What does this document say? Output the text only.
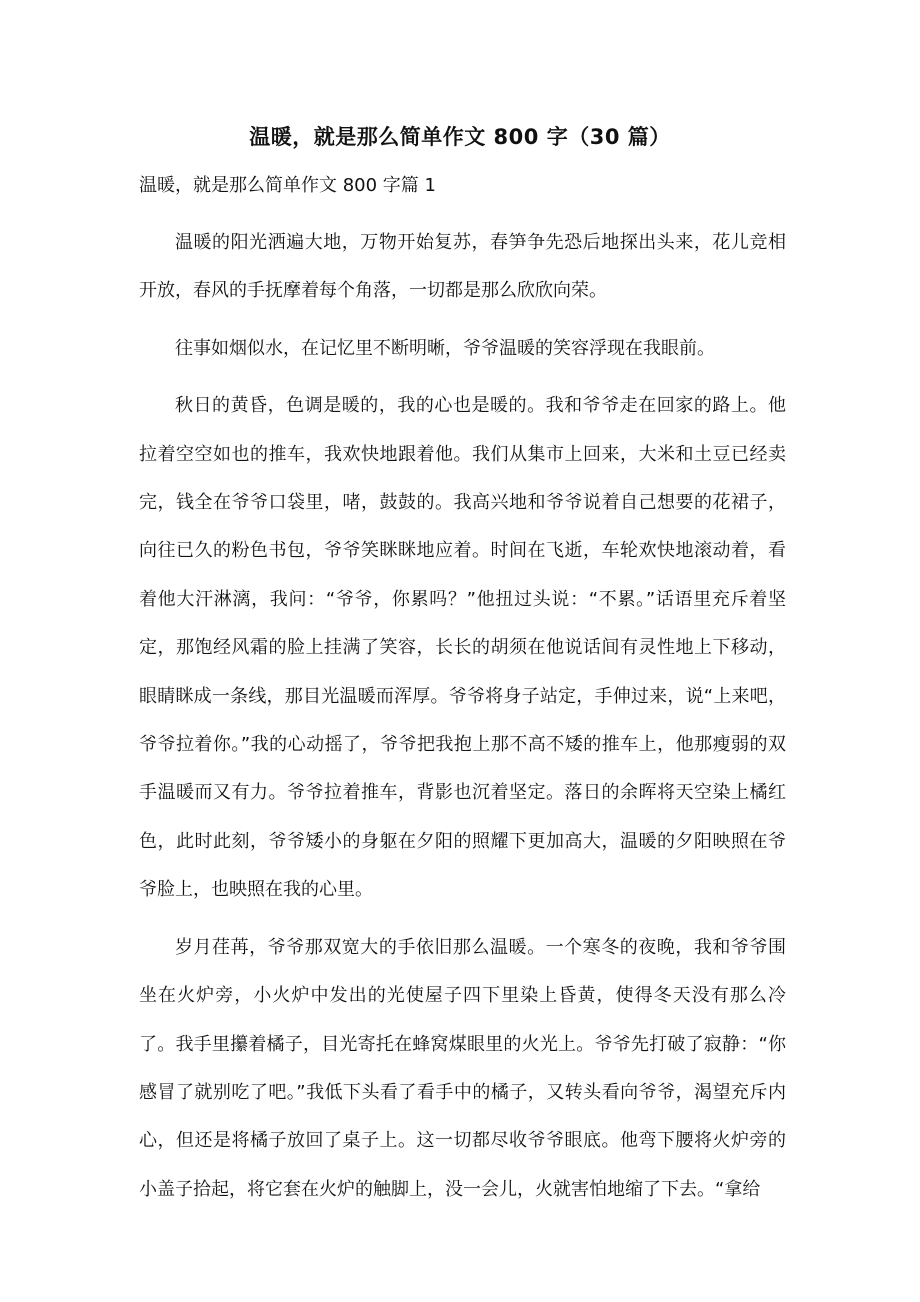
温暖，就是那么简单作文 800 字（30 篇）
温暖，就是那么简单作文 800 字篇 1

温暖的阳光洒遍大地，万物开始复苏，春笋争先恐后地探出头来，花儿竞相开放，春风的手抚摩着每个角落，一切都是那么欣欣向荣。

往事如烟似水，在记忆里不断明晰，爷爷温暖的笑容浮现在我眼前。

秋日的黄昏，色调是暖的，我的心也是暖的。我和爷爷走在回家的路上。他拉着空空如也的推车，我欢快地跟着他。我们从集市上回来，大米和土豆已经卖完，钱全在爷爷口袋里，啫，鼓鼓的。我高兴地和爷爷说着自己想要的花裙子，向往已久的粉色书包，爷爷笑眯眯地应着。时间在飞逝，车轮欢快地滚动着，看着他大汗淋漓，我问：“爷爷，你累吗？”他扭过头说：“不累。”话语里充斥着坚定，那饱经风霜的脸上挂满了笑容，长长的胡须在他说话间有灵性地上下移动，眼睛眯成一条线，那目光温暖而浑厚。爷爷将身子站定，手伸过来，说“上来吧，爷爷拉着你。”我的心动摇了，爷爷把我抱上那不高不矮的推车上，他那瘦弱的双手温暖而又有力。爷爷拉着推车，背影也沉着坚定。落日的余晖将天空染上橘红色，此时此刻，爷爷矮小的身躯在夕阳的照耀下更加高大，温暖的夕阳映照在爷爷脸上，也映照在我的心里。

岁月荏苒，爷爷那双宽大的手依旧那么温暖。一个寒冬的夜晚，我和爷爷围坐在火炉旁，小火炉中发出的光使屋子四下里染上昏黄，使得冬天没有那么冷了。我手里攥着橘子，目光寄托在蜂窝煤眼里的火光上。爷爷先打破了寂静：“你感冒了就别吃了吧。”我低下头看了看手中的橘子，又转头看向爷爷，渴望充斥内心，但还是将橘子放回了桌子上。这一切都尽收爷爷眼底。他弯下腰将火炉旁的小盖子拾起，将它套在火炉的触脚上，没一会儿，火就害怕地缩了下去。“拿给
